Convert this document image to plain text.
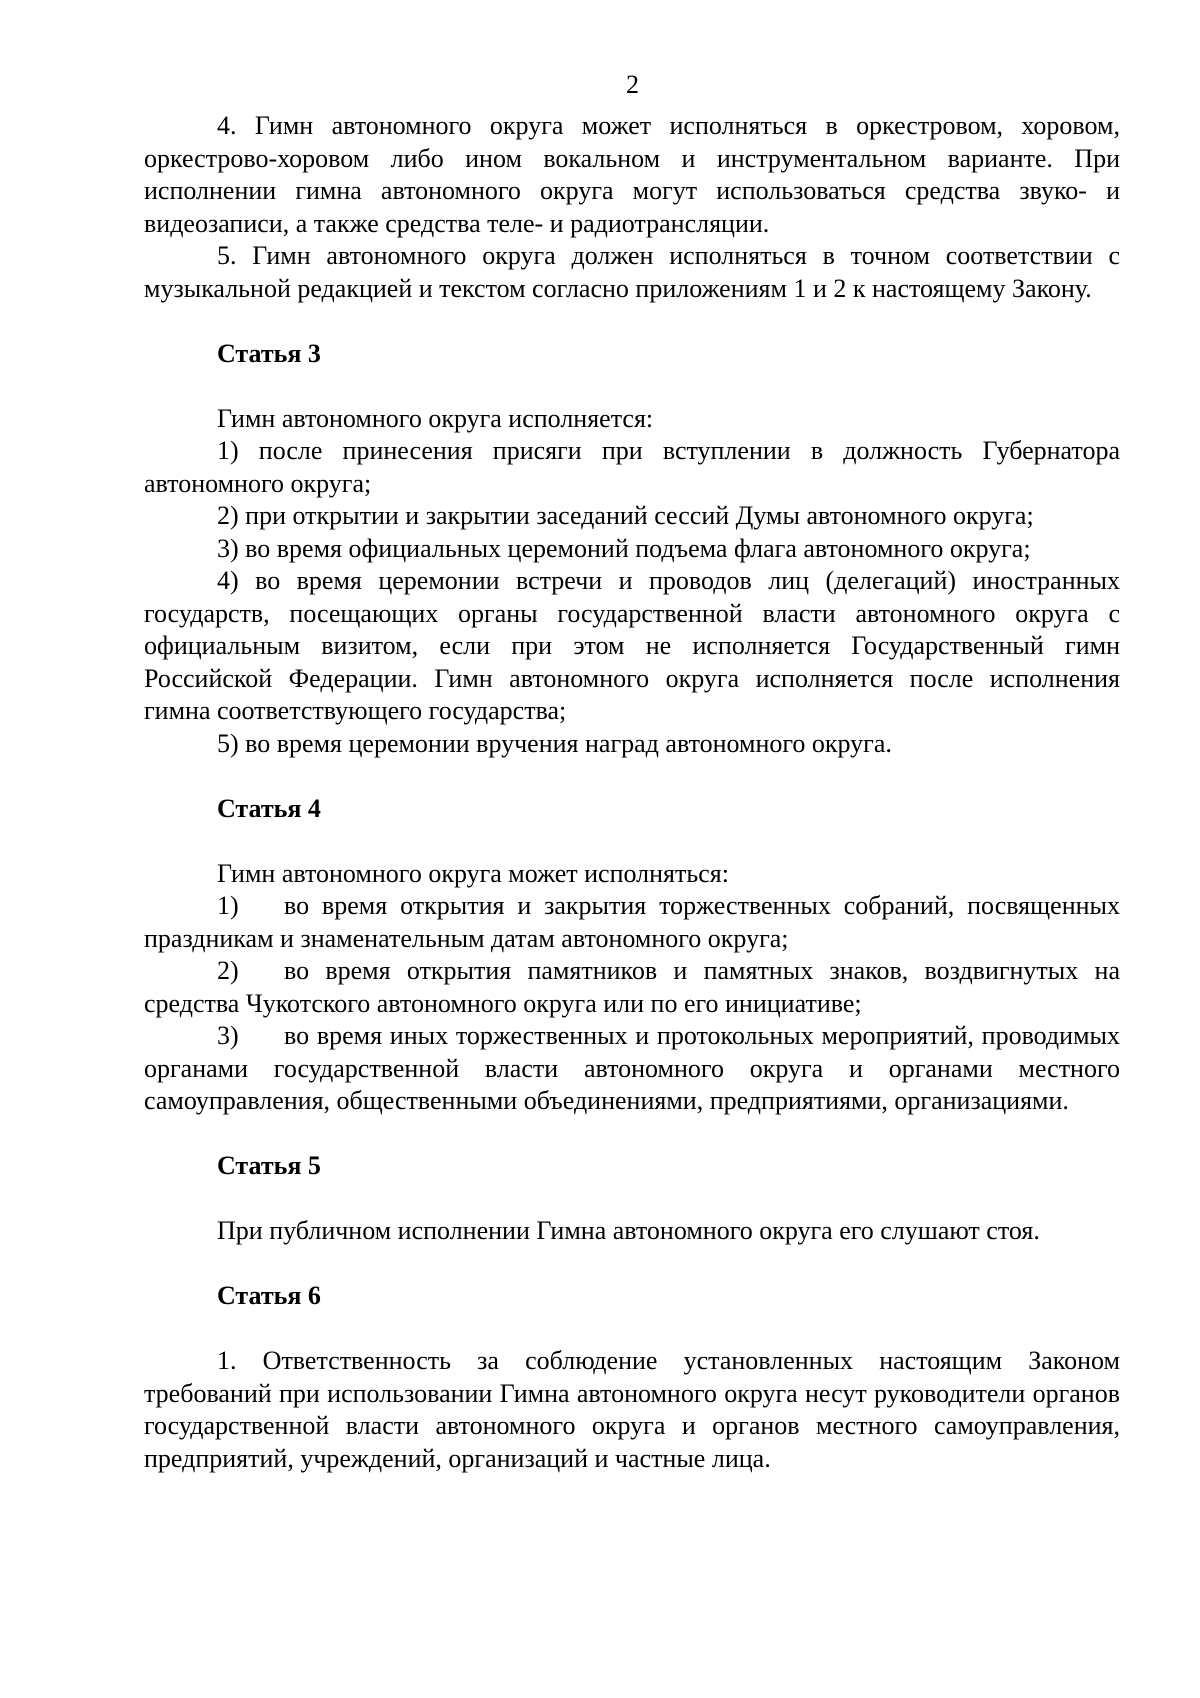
2

4. Гимн автономного округа может исполняться в оркестровом, хоровом, оркестрово-хоровом либо ином вокальном и инструментальном варианте. При исполнении гимна автономного округа могут использоваться средства звуко- и видеозаписи, а также средства теле- и радиотрансляции.

5. Гимн автономного округа должен исполняться в точном соответствии с музыкальной редакцией и текстом согласно приложениям 1 и 2 к настоящему Закону.

Статья 3

Гимн автономного округа исполняется:

1) после принесения присяги при вступлении в должность Губернатора автономного округа;

2) при открытии и закрытии заседаний сессий Думы автономного округа;

3) во время официальных церемоний подъема флага автономного округа;

4) во время церемонии встречи и проводов лиц (делегаций) иностранных государств, посещающих органы государственной власти автономного округа с официальным визитом, если при этом не исполняется Государственный гимн Российской Федерации. Гимн автономного округа исполняется после исполнения гимна соответствующего государства;

5) во время церемонии вручения наград автономного округа.

Статья 4

Гимн автономного округа может исполняться:

1) во время открытия и закрытия торжественных собраний, посвященных праздникам и знаменательным датам автономного округа;

2) во время открытия памятников и памятных знаков, воздвигнутых на средства Чукотского автономного округа или по его инициативе;

3) во время иных торжественных и протокольных мероприятий, проводимых органами государственной власти автономного округа и органами местного самоуправления, общественными объединениями, предприятиями, организациями.

Статья 5

При публичном исполнении Гимна автономного округа его слушают стоя.

Статья 6

1. Ответственность за соблюдение установленных настоящим Законом требований при использовании Гимна автономного округа несут руководители органов государственной власти автономного округа и органов местного самоуправления, предприятий, учреждений, организаций и частные лица.
